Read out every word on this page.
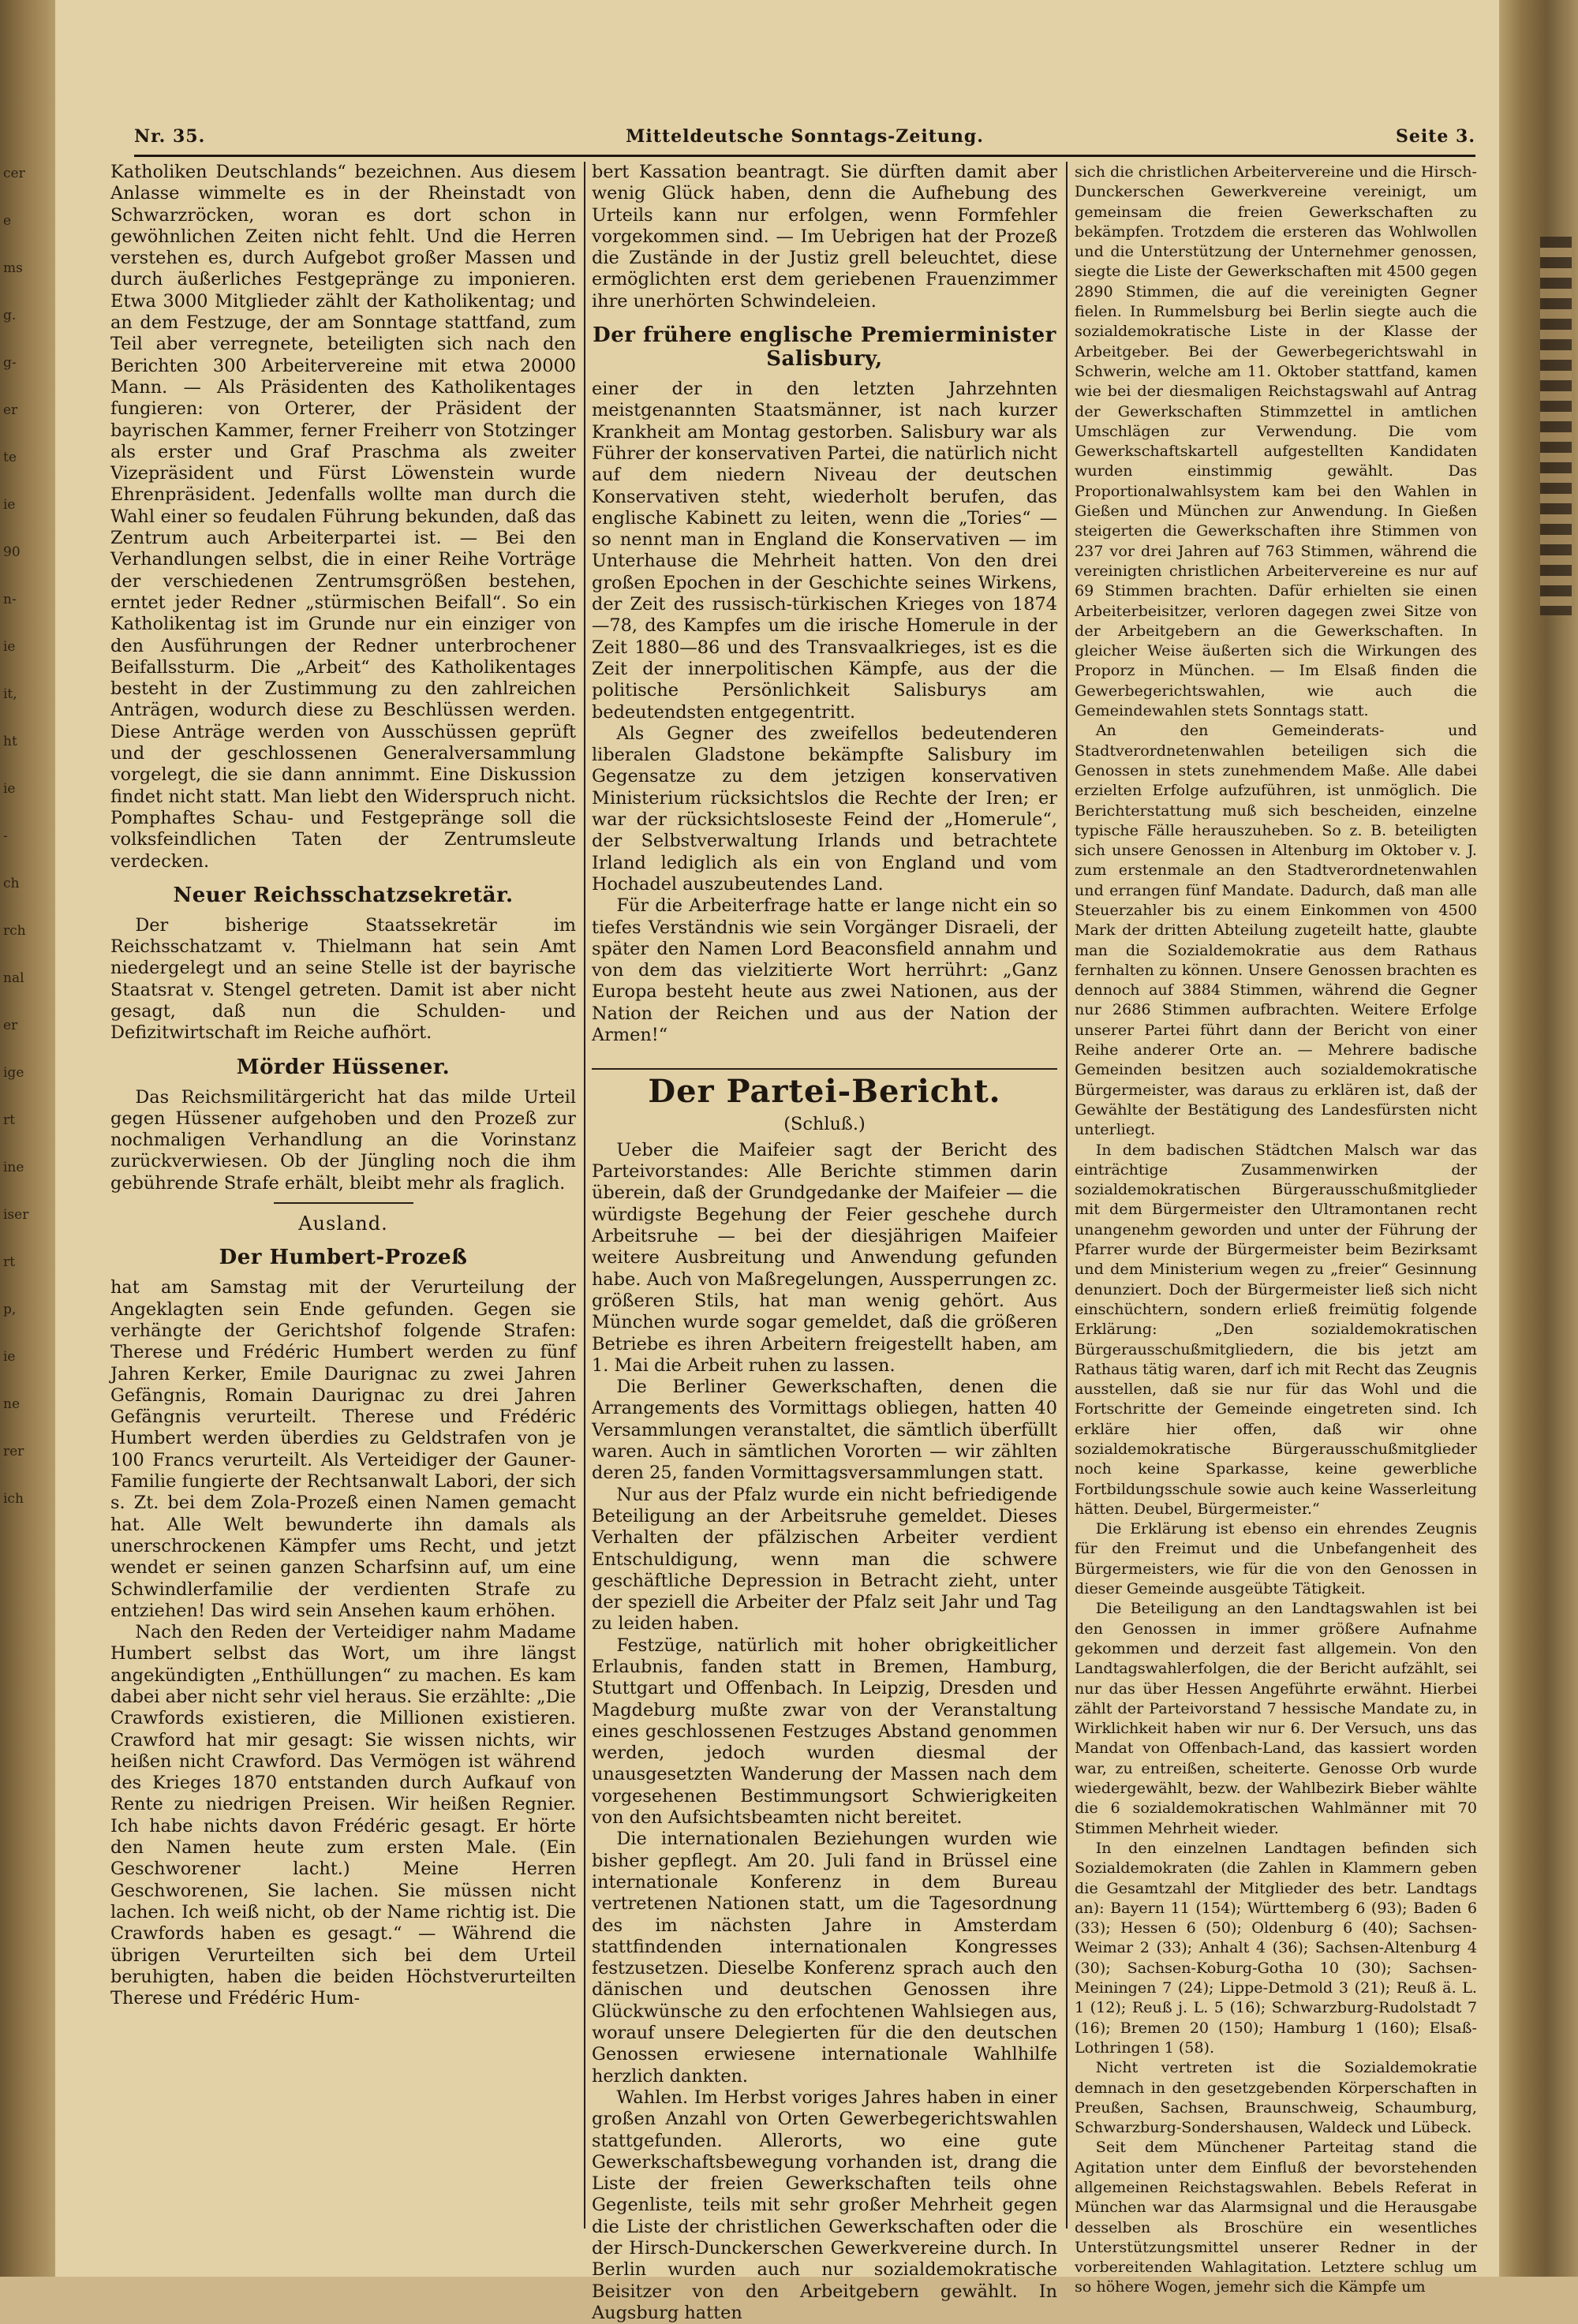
cer
e
ms
g.
g-
er
te
ie
90
n-
ie
it,
ht
ie
-
ch
rch
nal
er
ige
rt
ine
iser
rt
p,
ie
ne
rer
ich
Nr. 35.	Mitteldeutsche Sonntags-Zeitung.	Seite 3.

Katholiken Deutschlands“ bezeichnen. Aus diesem Anlasse wimmelte es in der Rheinstadt von Schwarzröcken, woran es dort schon in gewöhnlichen Zeiten nicht fehlt. Und die Herren verstehen es, durch Aufgebot großer Massen und durch äußerliches Festgepränge zu imponieren. Etwa 3000 Mitglieder zählt der Katholikentag; und an dem Festzuge, der am Sonntage stattfand, zum Teil aber verregnete, beteiligten sich nach den Berichten 300 Arbeitervereine mit etwa 20000 Mann. — Als Präsidenten des Katholikentages fungieren: von Orterer, der Präsident der bayrischen Kammer, ferner Freiherr von Stotzinger als erster und Graf Praschma als zweiter Vizepräsident und Fürst Löwenstein wurde Ehrenpräsident. Jedenfalls wollte man durch die Wahl einer so feudalen Führung bekunden, daß das Zentrum auch Arbeiterpartei ist. — Bei den Verhandlungen selbst, die in einer Reihe Vorträge der verschiedenen Zentrumsgrößen bestehen, erntet jeder Redner „stürmischen Beifall“. So ein Katholikentag ist im Grunde nur ein einziger von den Ausführungen der Redner unterbrochener Beifallssturm. Die „Arbeit“ des Katholikentages besteht in der Zustimmung zu den zahlreichen Anträgen, wodurch diese zu Beschlüssen werden. Diese Anträge werden von Ausschüssen geprüft und der geschlossenen Generalversammlung vorgelegt, die sie dann annimmt. Eine Diskussion findet nicht statt. Man liebt den Widerspruch nicht. Pomphaftes Schau- und Festgepränge soll die volksfeindlichen Taten der Zentrumsleute verdecken.

Neuer Reichsschatzsekretär.

Der bisherige Staatssekretär im Reichsschatzamt v. Thielmann hat sein Amt niedergelegt und an seine Stelle ist der bayrische Staatsrat v. Stengel getreten. Damit ist aber nicht gesagt, daß nun die Schulden- und Defizitwirtschaft im Reiche aufhört.

Mörder Hüssener.

Das Reichsmilitärgericht hat das milde Urteil gegen Hüssener aufgehoben und den Prozeß zur nochmaligen Verhandlung an die Vorinstanz zurückverwiesen. Ob der Jüngling noch die ihm gebührende Strafe erhält, bleibt mehr als fraglich.

Ausland.
Der Humbert-Prozeß

hat am Samstag mit der Verurteilung der Angeklagten sein Ende gefunden. Gegen sie verhängte der Gerichtshof folgende Strafen: Therese und Frédéric Humbert werden zu fünf Jahren Kerker, Emile Daurignac zu zwei Jahren Gefängnis, Romain Daurignac zu drei Jahren Gefängnis verurteilt. Therese und Frédéric Humbert werden überdies zu Geldstrafen von je 100 Francs verurteilt. Als Verteidiger der Gauner-Familie fungierte der Rechtsanwalt Labori, der sich s. Zt. bei dem Zola-Prozeß einen Namen gemacht hat. Alle Welt bewunderte ihn damals als unerschrockenen Kämpfer ums Recht, und jetzt wendet er seinen ganzen Scharfsinn auf, um eine Schwindlerfamilie der verdienten Strafe zu entziehen! Das wird sein Ansehen kaum erhöhen.

Nach den Reden der Verteidiger nahm Madame Humbert selbst das Wort, um ihre längst angekündigten „Enthüllungen“ zu machen. Es kam dabei aber nicht sehr viel heraus. Sie erzählte: „Die Crawfords existieren, die Millionen existieren. Crawford hat mir gesagt: Sie wissen nichts, wir heißen nicht Crawford. Das Vermögen ist während des Krieges 1870 entstanden durch Aufkauf von Rente zu niedrigen Preisen. Wir heißen Regnier. Ich habe nichts davon Frédéric gesagt. Er hörte den Namen heute zum ersten Male. (Ein Geschworener lacht.) Meine Herren Geschworenen, Sie lachen. Sie müssen nicht lachen. Ich weiß nicht, ob der Name richtig ist. Die Crawfords haben es gesagt.“ — Während die übrigen Verurteilten sich bei dem Urteil beruhigten, haben die beiden Höchstverurteilten Therese und Frédéric Hum-

bert Kassation beantragt. Sie dürften damit aber wenig Glück haben, denn die Aufhebung des Urteils kann nur erfolgen, wenn Formfehler vorgekommen sind. — Im Uebrigen hat der Prozeß die Zustände in der Justiz grell beleuchtet, diese ermöglichten erst dem geriebenen Frauenzimmer ihre unerhörten Schwindeleien.

Der frühere englische Premierminister Salisbury,

einer der in den letzten Jahrzehnten meistgenannten Staatsmänner, ist nach kurzer Krankheit am Montag gestorben. Salisbury war als Führer der konservativen Partei, die natürlich nicht auf dem niedern Niveau der deutschen Konservativen steht, wiederholt berufen, das englische Kabinett zu leiten, wenn die „Tories“ — so nennt man in England die Konservativen — im Unterhause die Mehrheit hatten. Von den drei großen Epochen in der Geschichte seines Wirkens, der Zeit des russisch-türkischen Krieges von 1874—78, des Kampfes um die irische Homerule in der Zeit 1880—86 und des Transvaalkrieges, ist es die Zeit der innerpolitischen Kämpfe, aus der die politische Persönlichkeit Salisburys am bedeutendsten entgegentritt.

Als Gegner des zweifellos bedeutenderen liberalen Gladstone bekämpfte Salisbury im Gegensatze zu dem jetzigen konservativen Ministerium rücksichtslos die Rechte der Iren; er war der rücksichtsloseste Feind der „Homerule“, der Selbstverwaltung Irlands und betrachtete Irland lediglich als ein von England und vom Hochadel auszubeutendes Land.

Für die Arbeiterfrage hatte er lange nicht ein so tiefes Verständnis wie sein Vorgänger Disraeli, der später den Namen Lord Beaconsfield annahm und von dem das vielzitierte Wort herrührt: „Ganz Europa besteht heute aus zwei Nationen, aus der Nation der Reichen und aus der Nation der Armen!“

Der Partei-Bericht.
(Schluß.)

Ueber die Maifeier sagt der Bericht des Parteivorstandes: Alle Berichte stimmen darin überein, daß der Grundgedanke der Maifeier — die würdigste Begehung der Feier geschehe durch Arbeitsruhe — bei der diesjährigen Maifeier weitere Ausbreitung und Anwendung gefunden habe. Auch von Maßregelungen, Aussperrungen zc. größeren Stils, hat man wenig gehört. Aus München wurde sogar gemeldet, daß die größeren Betriebe es ihren Arbeitern freigestellt haben, am 1. Mai die Arbeit ruhen zu lassen.

Die Berliner Gewerkschaften, denen die Arrangements des Vormittags obliegen, hatten 40 Versammlungen veranstaltet, die sämtlich überfüllt waren. Auch in sämtlichen Vororten — wir zählten deren 25, fanden Vormittagsversammlungen statt.

Nur aus der Pfalz wurde ein nicht befriedigende Beteiligung an der Arbeitsruhe gemeldet. Dieses Verhalten der pfälzischen Arbeiter verdient Entschuldigung, wenn man die schwere geschäftliche Depression in Betracht zieht, unter der speziell die Arbeiter der Pfalz seit Jahr und Tag zu leiden haben.

Festzüge, natürlich mit hoher obrigkeitlicher Erlaubnis, fanden statt in Bremen, Hamburg, Stuttgart und Offenbach. In Leipzig, Dresden und Magdeburg mußte zwar von der Veranstaltung eines geschlossenen Festzuges Abstand genommen werden, jedoch wurden diesmal der unausgesetzten Wanderung der Massen nach dem vorgesehenen Bestimmungsort Schwierigkeiten von den Aufsichtsbeamten nicht bereitet.

Die internationalen Beziehungen wurden wie bisher gepflegt. Am 20. Juli fand in Brüssel eine internationale Konferenz in dem Bureau vertretenen Nationen statt, um die Tagesordnung des im nächsten Jahre in Amsterdam stattfindenden internationalen Kongresses festzusetzen. Dieselbe Konferenz sprach auch den dänischen und deutschen Genossen ihre Glückwünsche zu den erfochtenen Wahlsiegen aus, worauf unsere Delegierten für die den deutschen Genossen erwiesene internationale Wahlhilfe herzlich dankten.

Wahlen. Im Herbst voriges Jahres haben in einer großen Anzahl von Orten Gewerbegerichtswahlen stattgefunden. Allerorts, wo eine gute Gewerkschaftsbewegung vorhanden ist, drang die Liste der freien Gewerkschaften teils ohne Gegenliste, teils mit sehr großer Mehrheit gegen die Liste der christlichen Gewerkschaften oder die der Hirsch-Dunckerschen Gewerkvereine durch. In Berlin wurden auch nur sozialdemokratische Beisitzer von den Arbeitgebern gewählt. In Augsburg hatten

sich die christlichen Arbeitervereine und die Hirsch-Dunckerschen Gewerkvereine vereinigt, um gemeinsam die freien Gewerkschaften zu bekämpfen. Trotzdem die ersteren das Wohlwollen und die Unterstützung der Unternehmer genossen, siegte die Liste der Gewerkschaften mit 4500 gegen 2890 Stimmen, die auf die vereinigten Gegner fielen. In Rummelsburg bei Berlin siegte auch die sozialdemokratische Liste in der Klasse der Arbeitgeber. Bei der Gewerbegerichtswahl in Schwerin, welche am 11. Oktober stattfand, kamen wie bei der diesmaligen Reichstagswahl auf Antrag der Gewerkschaften Stimmzettel in amtlichen Umschlägen zur Verwendung. Die vom Gewerkschaftskartell aufgestellten Kandidaten wurden einstimmig gewählt. Das Proportionalwahlsystem kam bei den Wahlen in Gießen und München zur Anwendung. In Gießen steigerten die Gewerkschaften ihre Stimmen von 237 vor drei Jahren auf 763 Stimmen, während die vereinigten christlichen Arbeitervereine es nur auf 69 Stimmen brachten. Dafür erhielten sie einen Arbeiterbeisitzer, verloren dagegen zwei Sitze von der Arbeitgebern an die Gewerkschaften. In gleicher Weise äußerten sich die Wirkungen des Proporz in München. — Im Elsaß finden die Gewerbegerichtswahlen, wie auch die Gemeindewahlen stets Sonntags statt.

An den Gemeinderats- und Stadtverordnetenwahlen beteiligen sich die Genossen in stets zunehmendem Maße. Alle dabei erzielten Erfolge aufzuführen, ist unmöglich. Die Berichterstattung muß sich bescheiden, einzelne typische Fälle herauszuheben. So z. B. beteiligten sich unsere Genossen in Altenburg im Oktober v. J. zum erstenmale an den Stadtverordnetenwahlen und errangen fünf Mandate. Dadurch, daß man alle Steuerzahler bis zu einem Einkommen von 4500 Mark der dritten Abteilung zugeteilt hatte, glaubte man die Sozialdemokratie aus dem Rathaus fernhalten zu können. Unsere Genossen brachten es dennoch auf 3884 Stimmen, während die Gegner nur 2686 Stimmen aufbrachten. Weitere Erfolge unserer Partei führt dann der Bericht von einer Reihe anderer Orte an. — Mehrere badische Gemeinden besitzen auch sozialdemokratische Bürgermeister, was daraus zu erklären ist, daß der Gewählte der Bestätigung des Landesfürsten nicht unterliegt.

In dem badischen Städtchen Malsch war das einträchtige Zusammenwirken der sozialdemokratischen Bürgerausschußmitglieder mit dem Bürgermeister den Ultramontanen recht unangenehm geworden und unter der Führung der Pfarrer wurde der Bürgermeister beim Bezirksamt und dem Ministerium wegen zu „freier“ Gesinnung denunziert. Doch der Bürgermeister ließ sich nicht einschüchtern, sondern erließ freimütig folgende Erklärung: „Den sozialdemokratischen Bürgerausschußmitgliedern, die bis jetzt am Rathaus tätig waren, darf ich mit Recht das Zeugnis ausstellen, daß sie nur für das Wohl und die Fortschritte der Gemeinde eingetreten sind. Ich erkläre hier offen, daß wir ohne sozialdemokratische Bürgerausschußmitglieder noch keine Sparkasse, keine gewerbliche Fortbildungsschule sowie auch keine Wasserleitung hätten. Deubel, Bürgermeister.“

Die Erklärung ist ebenso ein ehrendes Zeugnis für den Freimut und die Unbefangenheit des Bürgermeisters, wie für die von den Genossen in dieser Gemeinde ausgeübte Tätigkeit.

Die Beteiligung an den Landtagswahlen ist bei den Genossen in immer größere Aufnahme gekommen und derzeit fast allgemein. Von den Landtagswahlerfolgen, die der Bericht aufzählt, sei nur das über Hessen Angeführte erwähnt. Hierbei zählt der Parteivorstand 7 hessische Mandate zu, in Wirklichkeit haben wir nur 6. Der Versuch, uns das Mandat von Offenbach-Land, das kassiert worden war, zu entreißen, scheiterte. Genosse Orb wurde wiedergewählt, bezw. der Wahlbezirk Bieber wählte die 6 sozialdemokratischen Wahlmänner mit 70 Stimmen Mehrheit wieder.

In den einzelnen Landtagen befinden sich Sozialdemokraten (die Zahlen in Klammern geben die Gesamtzahl der Mitglieder des betr. Landtags an): Bayern 11 (154); Württemberg 6 (93); Baden 6 (33); Hessen 6 (50); Oldenburg 6 (40); Sachsen-Weimar 2 (33); Anhalt 4 (36); Sachsen-Altenburg 4 (30); Sachsen-Koburg-Gotha 10 (30); Sachsen-Meiningen 7 (24); Lippe-Detmold 3 (21); Reuß ä. L. 1 (12); Reuß j. L. 5 (16); Schwarzburg-Rudolstadt 7 (16); Bremen 20 (150); Hamburg 1 (160); Elsaß-Lothringen 1 (58).

Nicht vertreten ist die Sozialdemokratie demnach in den gesetzgebenden Körperschaften in Preußen, Sachsen, Braunschweig, Schaumburg, Schwarzburg-Sondershausen, Waldeck und Lübeck.

Seit dem Münchener Parteitag stand die Agitation unter dem Einfluß der bevorstehenden allgemeinen Reichstagswahlen. Bebels Referat in München war das Alarmsignal und die Herausgabe desselben als Broschüre ein wesentliches Unterstützungsmittel unserer Redner in der vorbereitenden Wahlagitation. Letztere schlug um so höhere Wogen, jemehr sich die Kämpfe um
